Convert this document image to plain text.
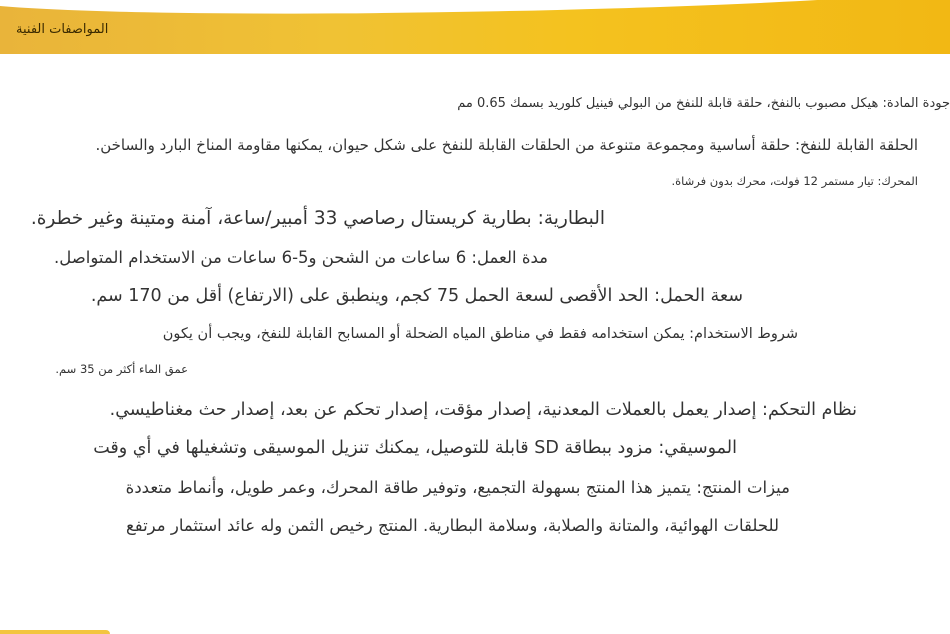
المواصفات الفنية
جودة المادة: هيكل مصبوب بالنفخ، حلقة قابلة للنفخ من البولي فينيل كلوريد بسمك 0.65 مم
الحلقة القابلة للنفخ: حلقة أساسية ومجموعة متنوعة من الحلقات القابلة للنفخ على شكل حيوان، يمكنها مقاومة المناخ البارد والساخن.
المحرك: تيار مستمر 12 فولت، محرك بدون فرشاة.
البطارية: بطارية كريستال رصاصي 33 أمبير/ساعة، آمنة ومتينة وغير خطرة.
مدة العمل: 6 ساعات من الشحن و5-6 ساعات من الاستخدام المتواصل.
سعة الحمل: الحد الأقصى لسعة الحمل 75 كجم، وينطبق على (الارتفاع) أقل من 170 سم.
شروط الاستخدام: يمكن استخدامه فقط في مناطق المياه الضحلة أو المسابح القابلة للنفخ، ويجب أن يكون
عمق الماء أكثر من 35 سم.
نظام التحكم: إصدار يعمل بالعملات المعدنية، إصدار مؤقت، إصدار تحكم عن بعد، إصدار حث مغناطيسي.
الموسيقي: مزود ببطاقة SD قابلة للتوصيل، يمكنك تنزيل الموسيقى وتشغيلها في أي وقت
ميزات المنتج: يتميز هذا المنتج بسهولة التجميع، وتوفير طاقة المحرك، وعمر طويل، وأنماط متعددة
للحلقات الهوائية، والمتانة والصلابة، وسلامة البطارية. المنتج رخيص الثمن وله عائد استثمار مرتفع
